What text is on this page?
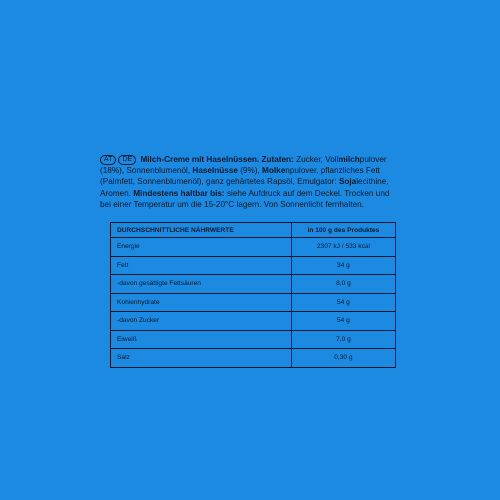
AT DE Milch-Creme mit Haselnüssen. Zutaten: Zucker, Vollmilchpulover (18%), Sonnenblumenöl, Haselnüsse (9%), Molkenpulover, pflanzliches Fett (Palmfett, Sonnenblumenöl), ganz gehärtetes Rapsöl, Emulgator: Sojalecithine, Aromen. Mindestens haltbar bis: siehe Aufdruck auf dem Deckel. Trocken und bei einer Temperatur um die 15-20°C lagern. Von Sonnenlicht fernhalten.
DURCHSCHNITTLICHE NÄHRWERTE	in 100 g des Produktes
Energie	2307 kJ / 533 kcal
Fett	34 g
-davon gesättigte Fettsäuren	8,0 g
Kohlenhydrate	54 g
-davon Zucker	54 g
Eiweiß	7,0 g
Salz	0,30 g
